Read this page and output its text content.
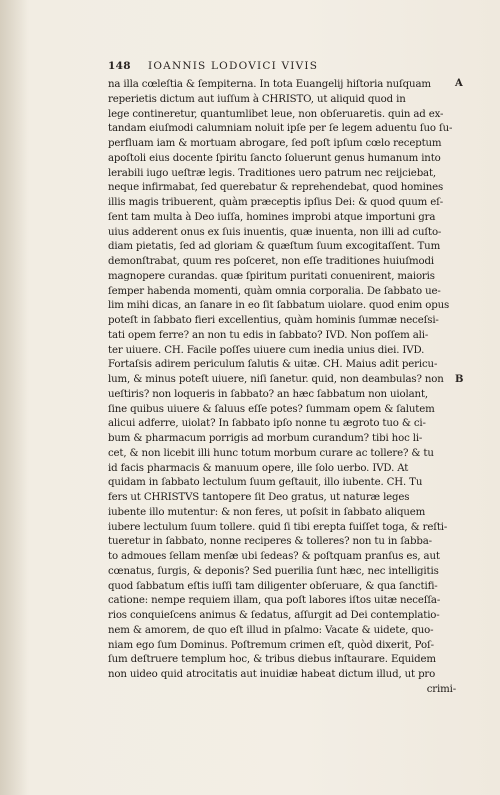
148 IOANNIS LODOVICI VIVIS
A
B
na illa cœleſtia & ſempiterna. In tota Euangelij hiſtoria nuſquam
reperietis dictum aut iuſſum à CHRISTO, ut aliquid quod in
lege contineretur, quantumlibet leue, non obſeruaretis. quin ad ex-
tandam eiuſmodi calumniam noluit ipſe per ſe legem aduentu ſuo ſu-
perfluam iam & mortuam abrogare, ſed poſt ipſum cœlo receptum
apoſtoli eius docente ſpiritu ſancto ſoluerunt genus humanum into
lerabili iugo ueſtræ legis. Traditiones uero patrum nec reijciebat,
neque infirmabat, ſed querebatur & reprehendebat, quod homines
illis magis tribuerent, quàm præceptis ipſius Dei: & quod quum eſ-
ſent tam multa à Deo iuſſa, homines improbi atque importuni gra
uius adderent onus ex ſuis inuentis, quæ inuenta, non illi ad cuſto-
diam pietatis, ſed ad gloriam & quæſtum ſuum excogitaſſent. Tum
demonſtrabat, quum res poſceret, non eſſe traditiones huiuſmodi
magnopere curandas. quæ ſpiritum puritati conuenirent, maioris
ſemper habenda momenti, quàm omnia corporalia. De ſabbato ue-
lim mihi dicas, an ſanare in eo ſit ſabbatum uiolare. quod enim opus
poteſt in ſabbato fieri excellentius, quàm hominis ſummæ neceſsi-
tati opem ferre? an non tu edis in ſabbato? IVD. Non poſſem ali-
ter uiuere. CH. Facile poſſes uiuere cum inedia unius diei. IVD.
Fortaſsis adirem periculum ſalutis & uitæ. CH. Maius adit pericu-
lum, & minus poteſt uiuere, niſi ſanetur. quid, non deambulas? non
ueſtiris? non loqueris in ſabbato? an hæc ſabbatum non uiolant,
ſine quibus uiuere & ſaluus eſſe potes? ſummam opem & ſalutem
alicui adferre, uiolat? In ſabbato ipſo nonne tu ægroto tuo & ci-
bum & pharmacum porrigis ad morbum curandum? tibi hoc li-
cet, & non licebit illi hunc totum morbum curare ac tollere? & tu
id facis pharmacis & manuum opere, ille ſolo uerbo. IVD. At
quidam in ſabbato lectulum ſuum geſtauit, illo iubente. CH. Tu
fers ut CHRISTVS tantopere ſit Deo gratus, ut naturæ leges
iubente illo mutentur: & non feres, ut poſsit in ſabbato aliquem
iubere lectulum ſuum tollere. quid ſi tibi erepta fuiſſet toga, & reſti-
tueretur in ſabbato, nonne reciperes & tolleres? non tu in ſabba-
to admoues ſellam menſæ ubi ſedeas? & poſtquam pranſus es, aut
cœnatus, ſurgis, & deponis? Sed puerilia ſunt hæc, nec intelligitis
quod ſabbatum eſtis iuſſi tam diligenter obſeruare, & qua ſanctifi-
catione: nempe requiem illam, qua poſt labores iſtos uitæ neceſſa-
rios conquieſcens animus & ſedatus, aſſurgit ad Dei contemplatio-
nem & amorem, de quo eſt illud in pſalmo: Vacate & uidete, quo-
niam ego ſum Dominus. Poſtremum crimen eſt, quòd dixerit, Poſ-
ſum deſtruere templum hoc, & tribus diebus inſtaurare. Equidem
non uideo quid atrocitatis aut inuidiæ habeat dictum illud, ut pro
crimi-
